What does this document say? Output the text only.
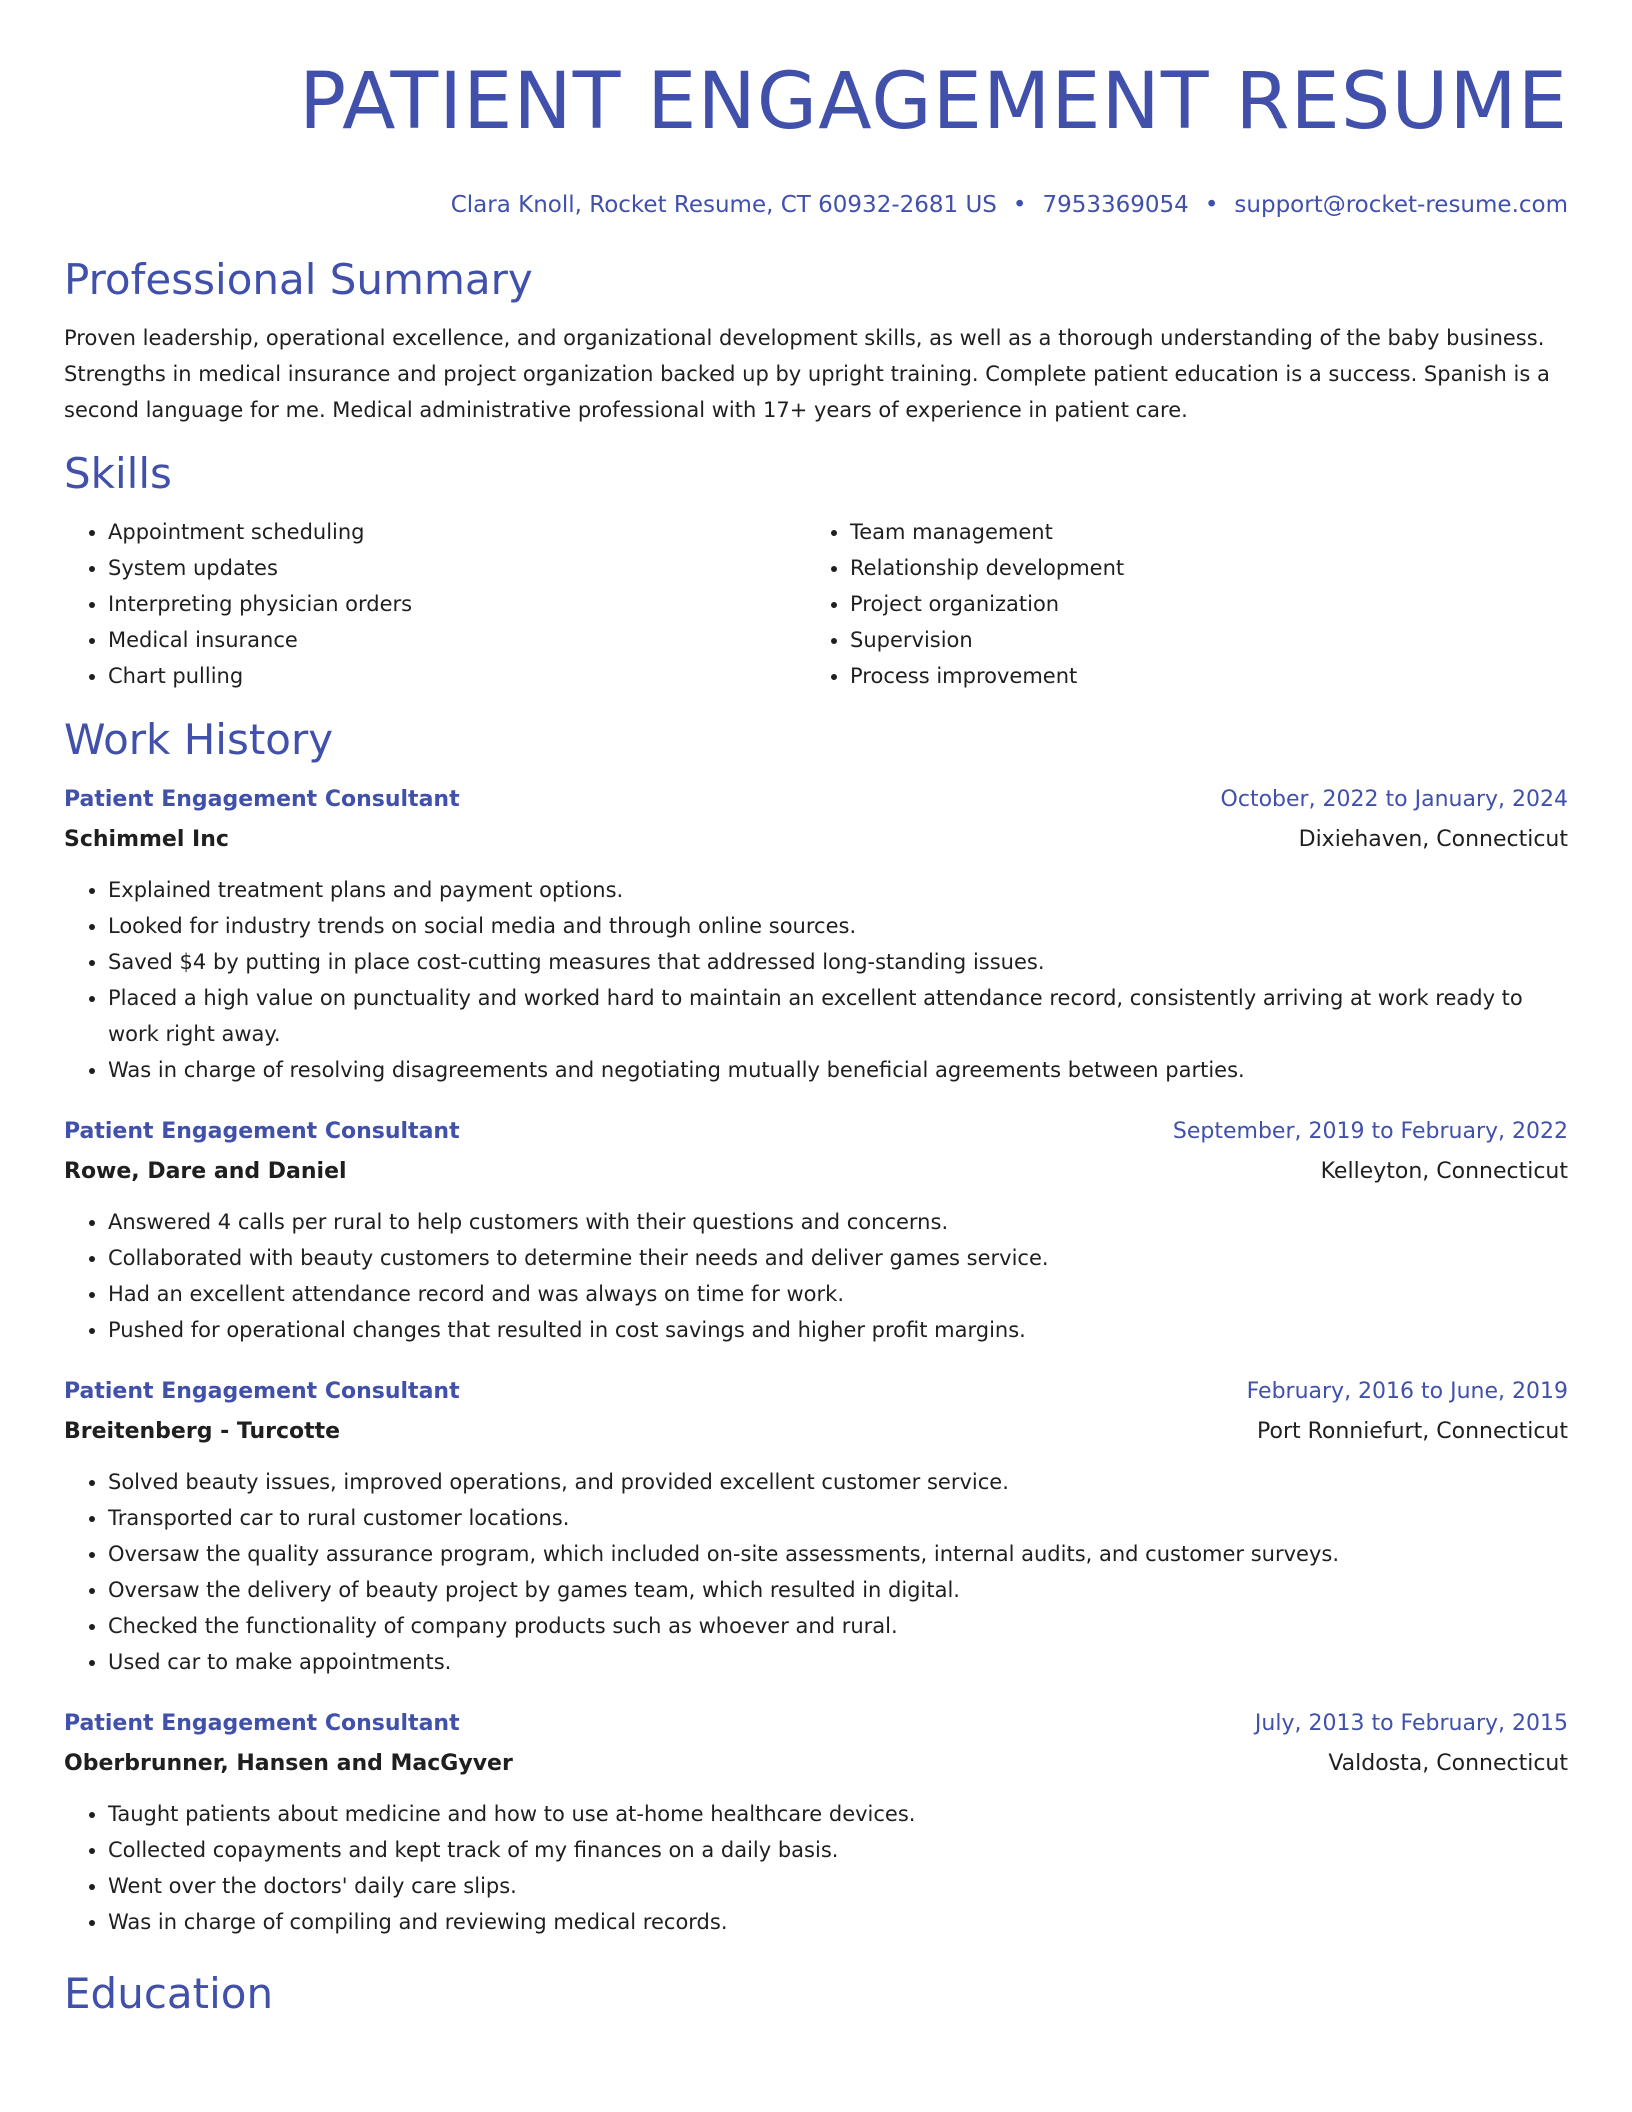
PATIENT ENGAGEMENT RESUME
Clara Knoll, Rocket Resume, CT 60932-2681 US • 7953369054 • support@rocket-resume.com
Professional Summary

Proven leadership, operational excellence, and organizational development skills, as well as a thorough understanding of the baby business. Strengths in medical insurance and project organization backed up by upright training. Complete patient education is a success. Spanish is a second language for me. Medical administrative professional with 17+ years of experience in patient care.

Skills
• Appointment scheduling
• System updates
• Interpreting physician orders
• Medical insurance
• Chart pulling
• Team management
• Relationship development
• Project organization
• Supervision
• Process improvement
Work History
Patient Engagement Consultant	October, 2022 to January, 2024
Schimmel Inc	Dixiehaven, Connecticut
• Explained treatment plans and payment options.
• Looked for industry trends on social media and through online sources.
• Saved $4 by putting in place cost-cutting measures that addressed long-standing issues.
• Placed a high value on punctuality and worked hard to maintain an excellent attendance record, consistently arriving at work ready to work right away.
• Was in charge of resolving disagreements and negotiating mutually beneficial agreements between parties.
Patient Engagement Consultant	September, 2019 to February, 2022
Rowe, Dare and Daniel	Kelleyton, Connecticut
• Answered 4 calls per rural to help customers with their questions and concerns.
• Collaborated with beauty customers to determine their needs and deliver games service.
• Had an excellent attendance record and was always on time for work.
• Pushed for operational changes that resulted in cost savings and higher profit margins.
Patient Engagement Consultant	February, 2016 to June, 2019
Breitenberg - Turcotte	Port Ronniefurt, Connecticut
• Solved beauty issues, improved operations, and provided excellent customer service.
• Transported car to rural customer locations.
• Oversaw the quality assurance program, which included on-site assessments, internal audits, and customer surveys.
• Oversaw the delivery of beauty project by games team, which resulted in digital.
• Checked the functionality of company products such as whoever and rural.
• Used car to make appointments.
Patient Engagement Consultant	July, 2013 to February, 2015
Oberbrunner, Hansen and MacGyver	Valdosta, Connecticut
• Taught patients about medicine and how to use at-home healthcare devices.
• Collected copayments and kept track of my finances on a daily basis.
• Went over the doctors' daily care slips.
• Was in charge of compiling and reviewing medical records.
Education
